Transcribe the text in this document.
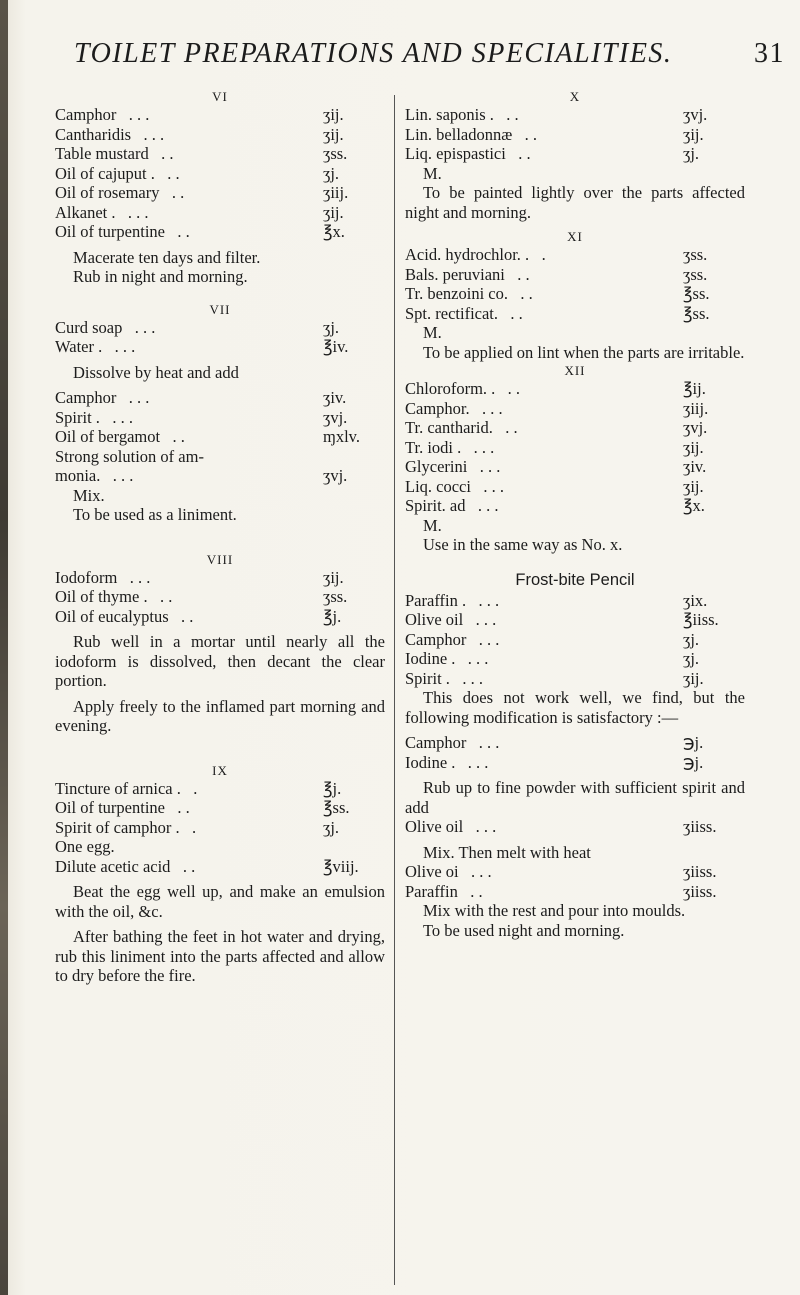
TOILET PREPARATIONS AND SPECIALITIES.	31

VI

Camphor . . .	ʒij.
Cantharidis . . .	ʒij.
Table mustard . .	ʒss.
Oil of cajuput . . .	ʒj.
Oil of rosemary . .	ʒiij.
Alkanet . . . .	ʒij.
Oil of turpentine . .	℥x.

Macerate ten days and filter.

Rub in night and morning.

VII

Curd soap . . .	ʒj.
Water . . . .	℥iv.

Dissolve by heat and add

Camphor . . .	ʒiv.
Spirit . . . .	ʒvj.
Oil of bergamot . .	ɱxlv.
Strong solution of am-
monia. . . .	ʒvj.

Mix.

To be used as a liniment.

VIII

Iodoform . . .	ʒij.
Oil of thyme . . .	ʒss.
Oil of eucalyptus . .	℥j.

Rub well in a mortar until nearly all the iodoform is dissolved, then decant the clear portion.

Apply freely to the inflamed part morning and evening.

IX

Tincture of arnica . .	℥j.
Oil of turpentine . .	℥ss.
Spirit of camphor . .	ʒj.
One egg.
Dilute acetic acid . .	℥viij.

Beat the egg well up, and make an emulsion with the oil, &c.

After bathing the feet in hot water and drying, rub this liniment into the parts affected and allow to dry before the fire.

X

Lin. saponis . . .	ʒvj.
Lin. belladonnæ . .	ʒij.
Liq. epispastici . .	ʒj.

M.

To be painted lightly over the parts affected night and morning.

XI

Acid. hydrochlor. . .	ʒss.
Bals. peruviani . .	ʒss.
Tr. benzoini co. . .	℥ss.
Spt. rectificat. . .	℥ss.

M.

To be applied on lint when the parts are irritable.

XII

Chloroform. . . .	℥ij.
Camphor. . . .	ʒiij.
Tr. cantharid. . .	ʒvj.
Tr. iodi . . . .	ʒij.
Glycerini . . .	ʒiv.
Liq. cocci . . .	ʒij.
Spirit. ad . . .	℥x.

M.

Use in the same way as No. x.

Frost-bite Pencil

Paraffin . . . .	ʒix.
Olive oil . . .	℥iiss.
Camphor . . .	ʒj.
Iodine . . . .	ʒj.
Spirit . . . .	ʒij.

This does not work well, we find, but the following modification is satisfactory :—

Camphor . . .	℈j.
Iodine . . . .	℈j.

Rub up to fine powder with sufficient spirit and add

Olive oil . . .	ʒiiss.

Mix. Then melt with heat

Olive oi . . .	ʒiiss.
Paraffin . .	ʒiiss.

Mix with the rest and pour into moulds.

To be used night and morning.
